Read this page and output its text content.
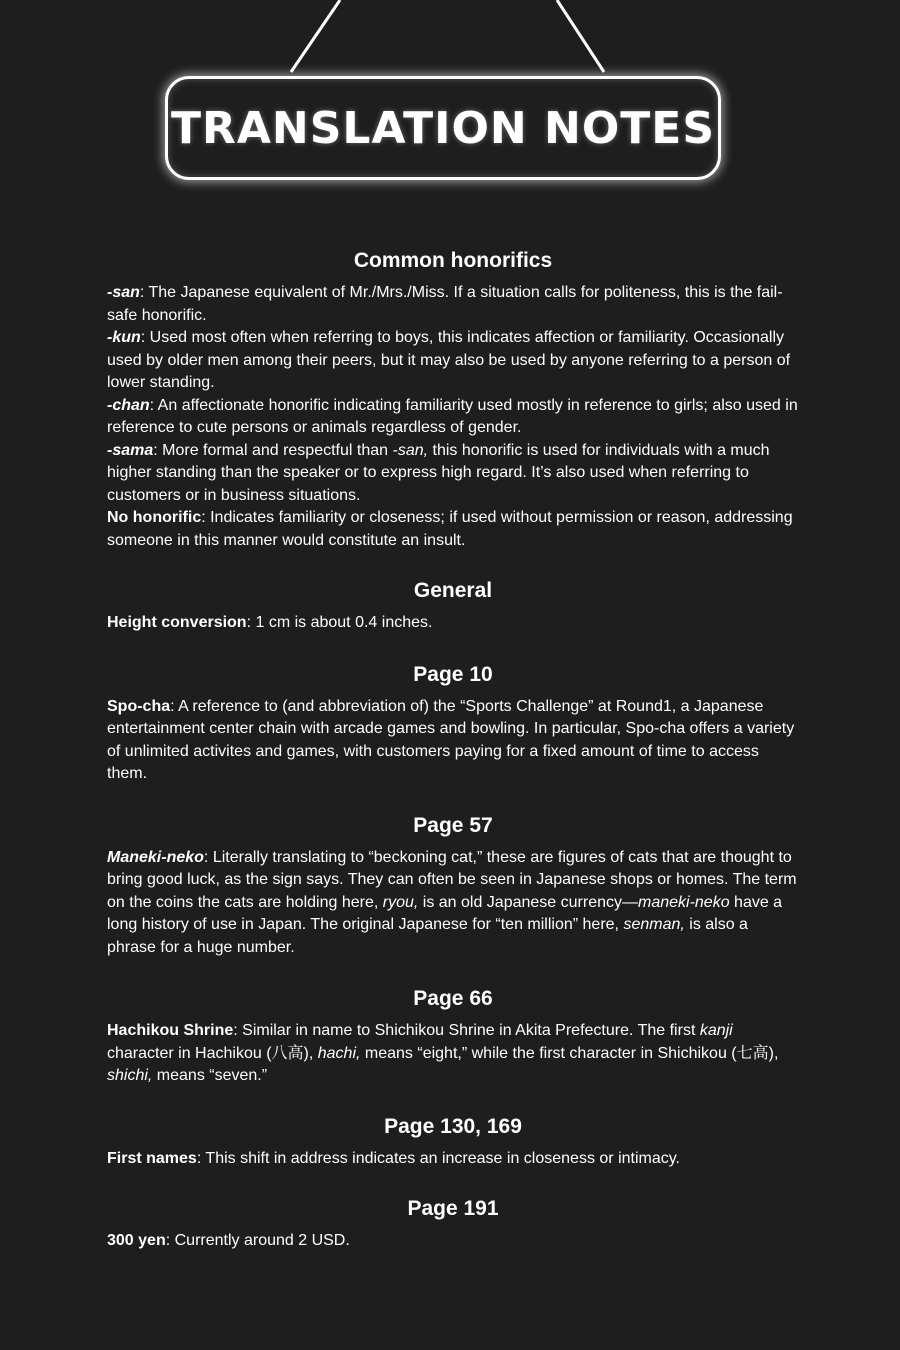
TRANSLATION NOTES
Common honorifics

-san: The Japanese equivalent of Mr./Mrs./Miss. If a situation calls for politeness, this is the fail-safe honorific.
-kun: Used most often when referring to boys, this indicates affection or familiarity. Occasionally used by older men among their peers, but it may also be used by anyone referring to a person of lower standing.
-chan: An affectionate honorific indicating familiarity used mostly in reference to girls; also used in reference to cute persons or animals regardless of gender.
-sama: More formal and respectful than -san, this honorific is used for individuals with a much higher standing than the speaker or to express high regard. It’s also used when referring to customers or in business situations.
No honorific: Indicates familiarity or closeness; if used without permission or reason, addressing someone in this manner would constitute an insult.

General

Height conversion: 1 cm is about 0.4 inches.

Page 10

Spo-cha: A reference to (and abbreviation of) the “Sports Challenge” at Round1, a Japanese entertainment center chain with arcade games and bowling. In particular, Spo-cha offers a variety of unlimited activites and games, with customers paying for a fixed amount of time to access them.

Page 57

Maneki-neko: Literally translating to “beckoning cat,” these are figures of cats that are thought to bring good luck, as the sign says. They can often be seen in Japanese shops or homes. The term on the coins the cats are holding here, ryou, is an old Japanese currency—maneki-neko have a long history of use in Japan. The original Japanese for “ten million” here, senman, is also a phrase for a huge number.

Page 66

Hachikou Shrine: Similar in name to Shichikou Shrine in Akita Prefecture. The first kanji character in Hachikou (八高), hachi, means “eight,” while the first character in Shichikou (七高), shichi, means “seven.”

Page 130, 169

First names: This shift in address indicates an increase in closeness or intimacy.

Page 191

300 yen: Currently around 2 USD.
